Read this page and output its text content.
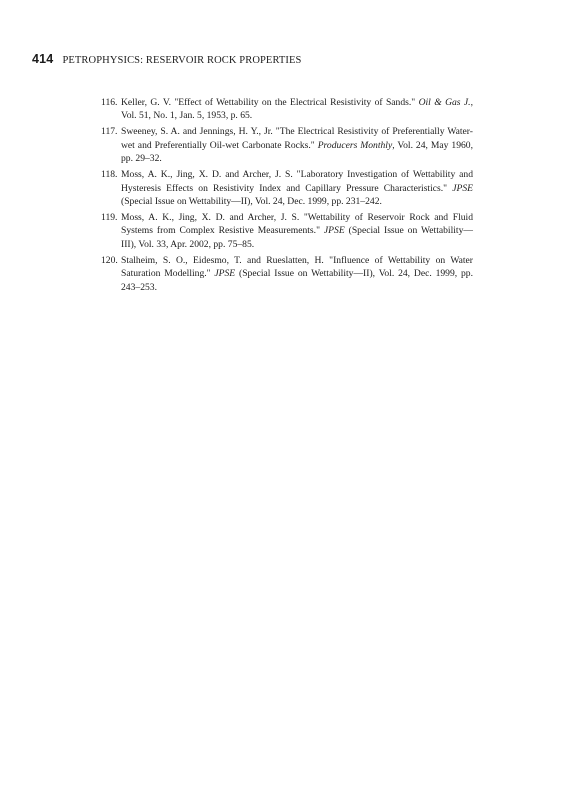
414 PETROPHYSICS: RESERVOIR ROCK PROPERTIES
116. Keller, G. V. "Effect of Wettability on the Electrical Resistivity of Sands." Oil & Gas J., Vol. 51, No. 1, Jan. 5, 1953, p. 65.
117. Sweeney, S. A. and Jennings, H. Y., Jr. "The Electrical Resistivity of Preferentially Water-wet and Preferentially Oil-wet Carbonate Rocks." Producers Monthly, Vol. 24, May 1960, pp. 29–32.
118. Moss, A. K., Jing, X. D. and Archer, J. S. "Laboratory Investigation of Wettability and Hysteresis Effects on Resistivity Index and Capillary Pressure Characteristics." JPSE (Special Issue on Wettability—II), Vol. 24, Dec. 1999, pp. 231–242.
119. Moss, A. K., Jing, X. D. and Archer, J. S. "Wettability of Reservoir Rock and Fluid Systems from Complex Resistive Measurements." JPSE (Special Issue on Wettability—III), Vol. 33, Apr. 2002, pp. 75–85.
120. Stalheim, S. O., Eidesmo, T. and Rueslatten, H. "Influence of Wettability on Water Saturation Modelling." JPSE (Special Issue on Wettability—II), Vol. 24, Dec. 1999, pp. 243–253.
